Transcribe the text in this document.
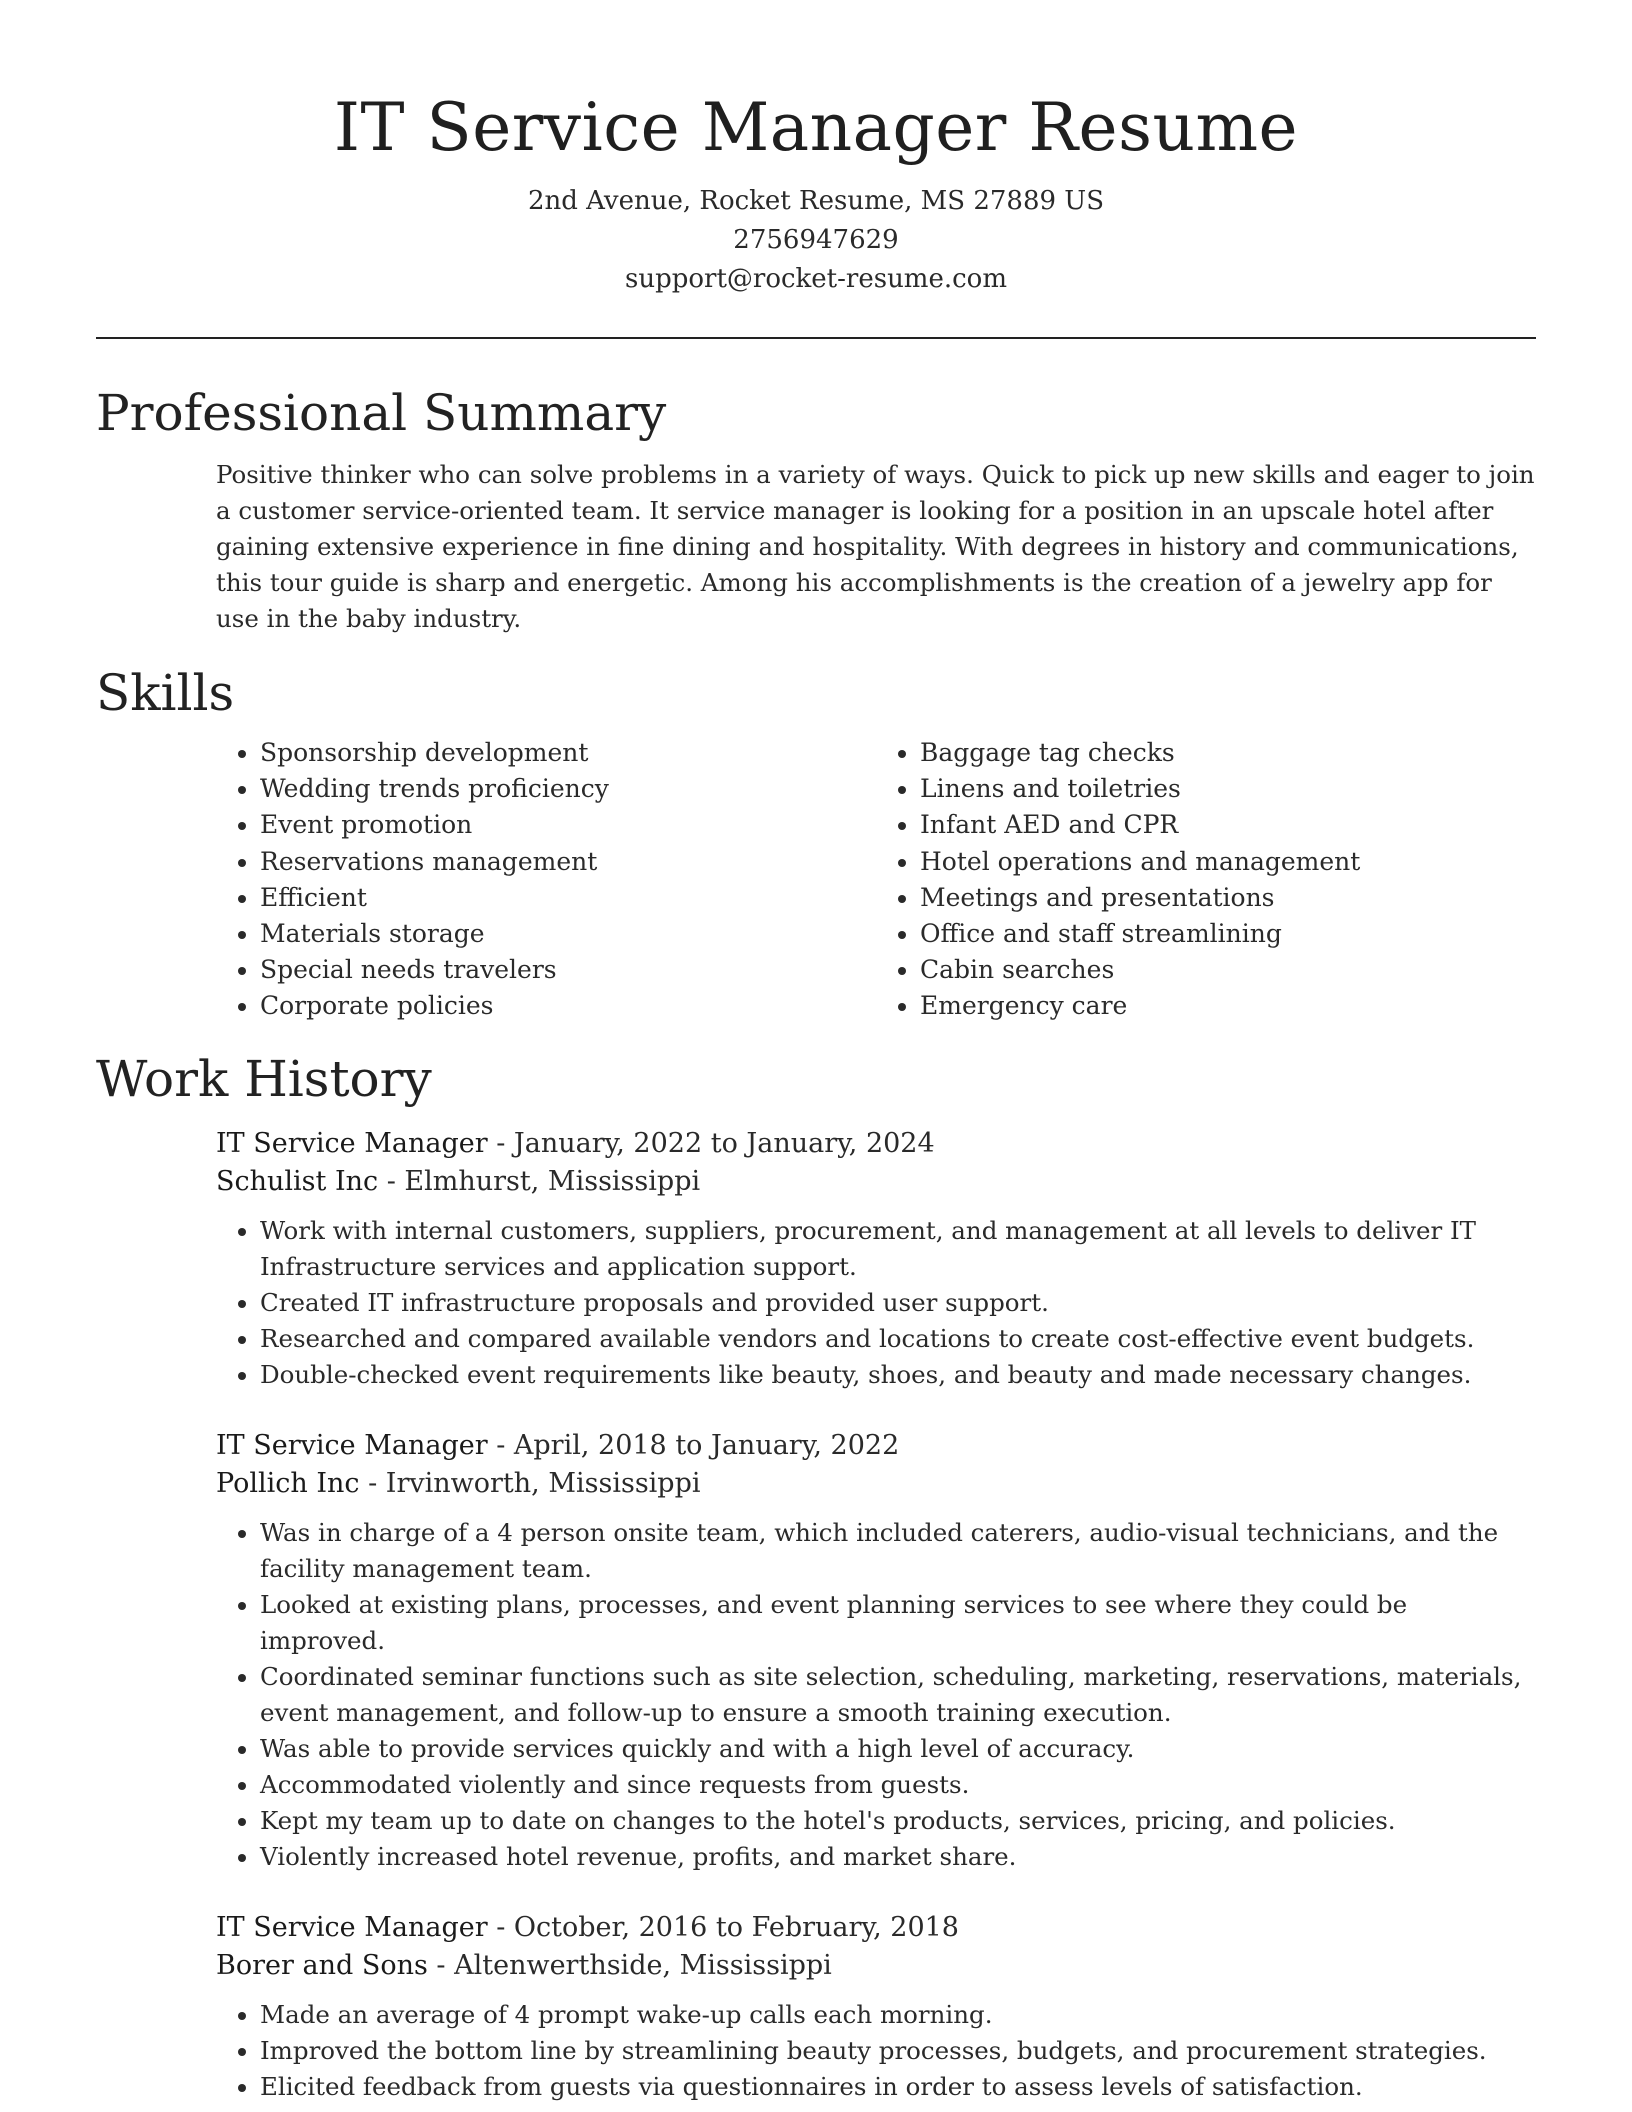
IT Service Manager Resume
2nd Avenue, Rocket Resume, MS 27889 US
2756947629
support@rocket-resume.com
Professional Summary
Positive thinker who can solve problems in a variety of ways. Quick to pick up new skills and eager to join a customer service-oriented team. It service manager is looking for a position in an upscale hotel after gaining extensive experience in fine dining and hospitality. With degrees in history and communications, this tour guide is sharp and energetic. Among his accomplishments is the creation of a jewelry app for use in the baby industry.
Skills
• Sponsorship development
• Wedding trends proficiency
• Event promotion
• Reservations management
• Efficient
• Materials storage
• Special needs travelers
• Corporate policies
• Baggage tag checks
• Linens and toiletries
• Infant AED and CPR
• Hotel operations and management
• Meetings and presentations
• Office and staff streamlining
• Cabin searches
• Emergency care
Work History
IT Service Manager - January, 2022 to January, 2024
Schulist Inc - Elmhurst, Mississippi
• Work with internal customers, suppliers, procurement, and management at all levels to deliver IT Infrastructure services and application support.
• Created IT infrastructure proposals and provided user support.
• Researched and compared available vendors and locations to create cost-effective event budgets.
• Double-checked event requirements like beauty, shoes, and beauty and made necessary changes.
IT Service Manager - April, 2018 to January, 2022
Pollich Inc - Irvinworth, Mississippi
• Was in charge of a 4 person onsite team, which included caterers, audio-visual technicians, and the facility management team.
• Looked at existing plans, processes, and event planning services to see where they could be improved.
• Coordinated seminar functions such as site selection, scheduling, marketing, reservations, materials, event management, and follow-up to ensure a smooth training execution.
• Was able to provide services quickly and with a high level of accuracy.
• Accommodated violently and since requests from guests.
• Kept my team up to date on changes to the hotel's products, services, pricing, and policies.
• Violently increased hotel revenue, profits, and market share.
IT Service Manager - October, 2016 to February, 2018
Borer and Sons - Altenwerthside, Mississippi
• Made an average of 4 prompt wake-up calls each morning.
• Improved the bottom line by streamlining beauty processes, budgets, and procurement strategies.
• Elicited feedback from guests via questionnaires in order to assess levels of satisfaction.
